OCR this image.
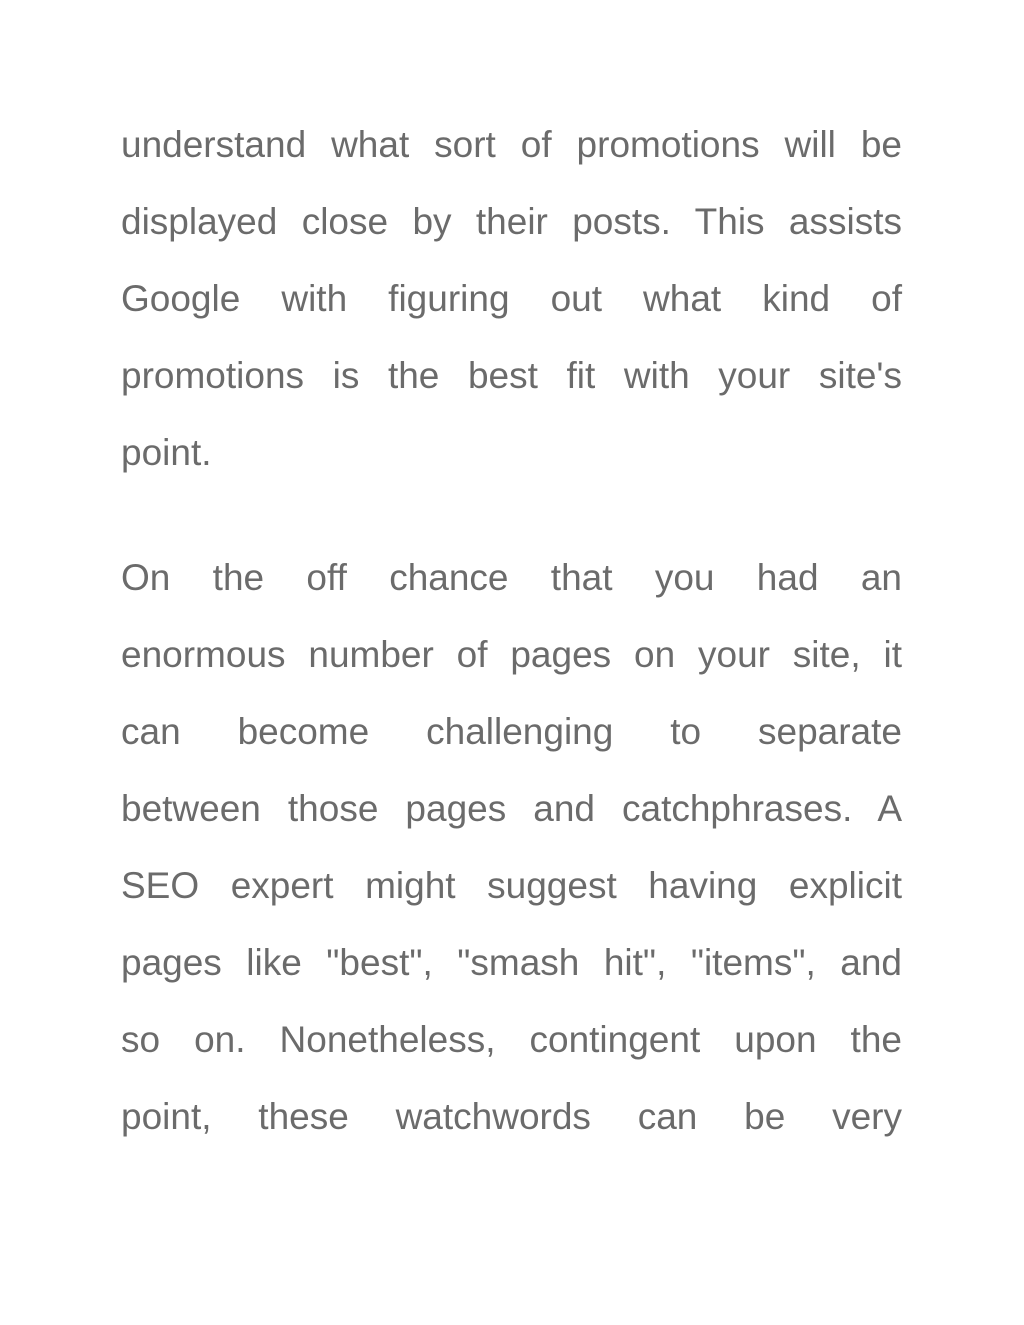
understand what sort of promotions will be
displayed close by their posts. This assists
Google with figuring out what kind of
promotions is the best fit with your site's
point.
On the off chance that you had an
enormous number of pages on your site, it
can become challenging to separate
between those pages and catchphrases. A
SEO expert might suggest having explicit
pages like "best", "smash hit", "items", and
so on. Nonetheless, contingent upon the
point, these watchwords can be very
